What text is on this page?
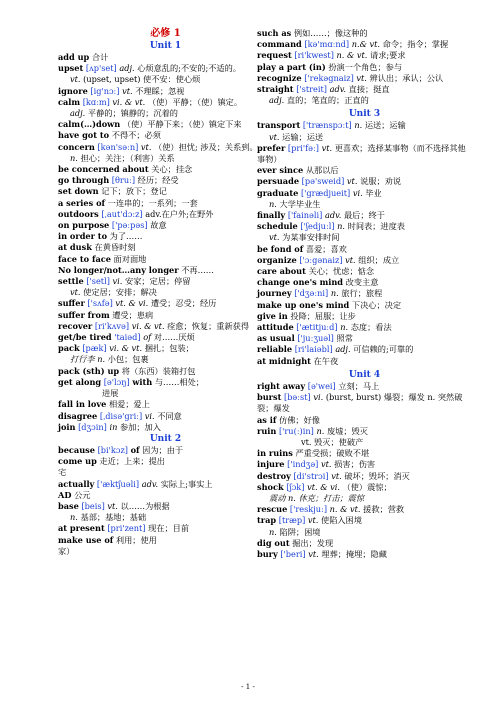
必修 1
Unit 1
add up 合计
upset [ʌp'set] adj. 心烦意乱的;不安的;不适的。
vt. (upset, upset) 使不安：使心烦
ignore [ig'nɔː] vt. 不理睬；忽视
calm [kɑːm] vi. & vt. （使）平静；（使）镇定。
adj. 平静的；镇静的；沉着的
calm(…)down （使）平静下来；（使）镇定下来
have got to 不得不；必须
concern [kən'səːn] vt. （使）担忧; 涉及；关系到。
n. 担心；关注；（利害）关系
be concerned about 关心；挂念
go through [θruː] 经历；经受
set down 记下；放下；登记
a series of 一连串的；一系列；一套
outdoors [ˌaut'dɔːz] adv.在户外;在野外
on purpose ['pəːpəs] 故意
in order to 为了……
at dusk 在黄昏时刻
face to face 面对面地
No longer/not…any longer 不再……
settle ['setl] vi. 安家；定居；停留
vt. 使定居；安排；解决
suffer ['sʌfə] vt. & vi. 遭受；忍受；经历
suffer from 遭受；患病
recover [ri'kʌvə] vi. & vt. 痊愈；恢复；重新获得
get/be tired 'taiəd] of 对……厌烦
pack [pæk] vi. & vt. 捆扎；包装；
打行李 n. 小包；包裹
pack (sth) up 将（东西）装箱打包
get along [ə'lɔŋ] with 与……相处；
进展
fall in love 相爱；爱上
disagree [ˌdisə'griː] vi. 不同意
join [dʒɔin] in 参加；加入
Unit 2
because [bi'kɔz] of 因为；由于
come up 走近；上来；提出
宅
actually ['æktʃuəli] adv. 实际上;事实上
AD 公元
base [beis] vt. 以……为根据
n. 基部；基地；基础
at present [pri'zent] 现在；目前
make use of 利用；使用
家）
such as 例如……；像这种的
command [kə'mɑːnd] n.& vt. 命令；指令；掌握
request [ri'kwest] n. & vt. 请求;要求
play a part (in) 扮演一个角色；参与
recognize ['rekəgnaiz] vt. 辨认出；承认；公认
straight ['streit] adv. 直接；挺直
adj. 直的；笔直的；正直的
Unit 3
transport ['trænspɔːt] n. 运送；运输
vt. 运输；运送
prefer [pri'fəː] vt. 更喜欢；选择某事物（而不选择其他事物）
ever since 从那以后
persuade [pə'sweid] vt. 说服；劝说
graduate ['grædjueit] vi. 毕业
n. 大学毕业生
finally ['fainəli] adv. 最后；终于
schedule ['ʃedjuːl] n. 时间表；进度表
vt. 为某事安排时间
be fond of 喜爱；喜欢
organize ['ɔːgənaiz] vt. 组织；成立
care about 关心；忧虑；惦念
change one's mind 改变主意
journey ['dʒəːni] n. 旅行；旅程
make up one's mind 下决心；决定
give in 投降；屈服；让步
attitude ['ætitjuːd] n. 态度；看法
as usual ['juːʒuəl] 照常
reliable [ri'laiəbl] adj. 可信赖的;可靠的
at midnight 在午夜
Unit 4
right away [ə'wei] 立刻；马上
burst [bəːst] vi. (burst, burst) 爆裂；爆发 n. 突然破裂；爆发
as if 仿佛；好像
ruin ['ru(ː)in] n. 废墟；毁灭
vt. 毁灭；使破产
in ruins 严重受损；破败不堪
injure ['indʒə] vt. 损害；伤害
destroy [di'strɔi] vt. 破坏；毁坏；消灭
shock [ʃɔk] vt. & vi. （使）震惊；
震动 n. 休克；打击；震惊
rescue ['reskjuː] n. & vt. 援救；营救
trap [træp] vt. 使陷入困境
n. 陷阱；困境
dig out 掘出；发现
bury ['beri] vt. 埋葬；掩埋；隐藏
- 1 -
